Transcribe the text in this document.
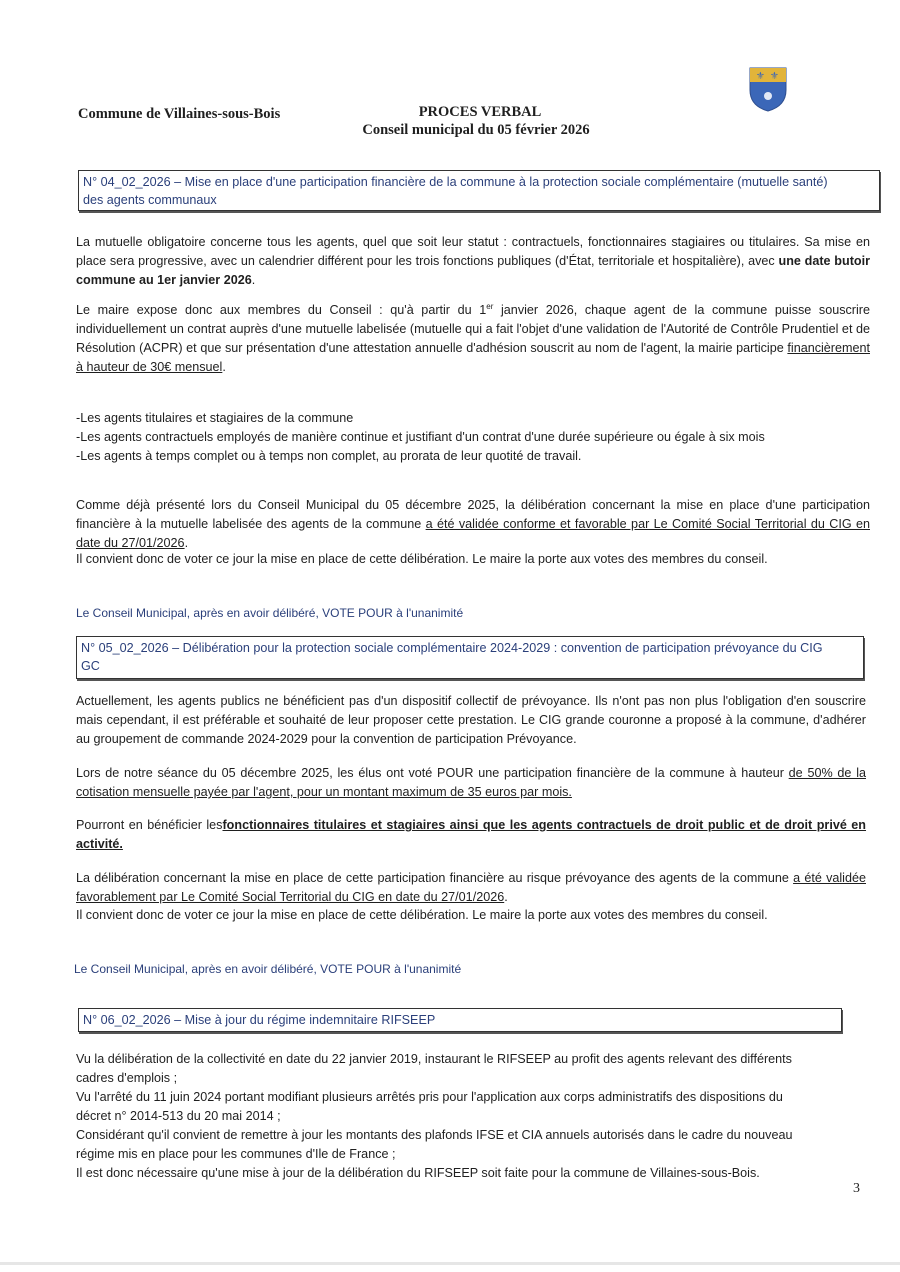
⚜ ⚜
Commune de Villaines-sous-Bois	PROCES VERBAL
Conseil municipal du 05 février 2026
N° 04_02_2026 – Mise en place d'une participation financière de la commune à la protection sociale complémentaire (mutuelle santé)
des agents communaux
La mutuelle obligatoire concerne tous les agents, quel que soit leur statut : contractuels, fonctionnaires stagiaires ou titulaires. Sa mise en place sera progressive, avec un calendrier différent pour les trois fonctions publiques (d'État, territoriale et hospitalière), avec une date butoir commune au 1er janvier 2026.
Le maire expose donc aux membres du Conseil : qu'à partir du 1er janvier 2026, chaque agent de la commune puisse souscrire individuellement un contrat auprès d'une mutuelle labelisée (mutuelle qui a fait l'objet d'une validation de l'Autorité de Contrôle Prudentiel et de Résolution (ACPR) et que sur présentation d'une attestation annuelle d'adhésion souscrit au nom de l'agent, la mairie participe financièrement à hauteur de 30€ mensuel.
-Les agents titulaires et stagiaires de la commune
-Les agents contractuels employés de manière continue et justifiant d'un contrat d'une durée supérieure ou égale à six mois
-Les agents à temps complet ou à temps non complet, au prorata de leur quotité de travail.
Comme déjà présenté lors du Conseil Municipal du 05 décembre 2025, la délibération concernant la mise en place d'une participation financière à la mutuelle labelisée des agents de la commune a été validée conforme et favorable par Le Comité Social Territorial du CIG en date du 27/01/2026.
Il convient donc de voter ce jour la mise en place de cette délibération. Le maire la porte aux votes des membres du conseil.
Le Conseil Municipal, après en avoir délibéré, VOTE POUR à l'unanimité
N° 05_02_2026 – Délibération pour la protection sociale complémentaire 2024-2029 : convention de participation prévoyance du CIG
GC
Actuellement, les agents publics ne bénéficient pas d'un dispositif collectif de prévoyance. Ils n'ont pas non plus l'obligation d'en souscrire mais cependant, il est préférable et souhaité de leur proposer cette prestation. Le CIG grande couronne a proposé à la commune, d'adhérer au groupement de commande 2024-2029 pour la convention de participation Prévoyance.
Lors de notre séance du 05 décembre 2025, les élus ont voté POUR une participation financière de la commune à hauteur de 50% de la cotisation mensuelle payée par l'agent, pour un montant maximum de 35 euros par mois.
Pourront en bénéficier lesfonctionnaires titulaires et stagiaires ainsi que les agents contractuels de droit public et de droit privé en activité.
La délibération concernant la mise en place de cette participation financière au risque prévoyance des agents de la commune a été validée favorablement par Le Comité Social Territorial du CIG en date du 27/01/2026.
Il convient donc de voter ce jour la mise en place de cette délibération. Le maire la porte aux votes des membres du conseil.
Le Conseil Municipal, après en avoir délibéré, VOTE POUR à l'unanimité
N° 06_02_2026 – Mise à jour du régime indemnitaire RIFSEEP

Vu la délibération de la collectivité en date du 22 janvier 2019, instaurant le RIFSEEP au profit des agents relevant des différents

cadres d'emplois ;

Vu l'arrêté du 11 juin 2024 portant modifiant plusieurs arrêtés pris pour l'application aux corps administratifs des dispositions du

décret n° 2014-513 du 20 mai 2014 ;

Considérant qu'il convient de remettre à jour les montants des plafonds IFSE et CIA annuels autorisés dans le cadre du nouveau

régime mis en place pour les communes d'Ile de France ;

Il est donc nécessaire qu'une mise à jour de la délibération du RIFSEEP soit faite pour la commune de Villaines-sous-Bois.

3
